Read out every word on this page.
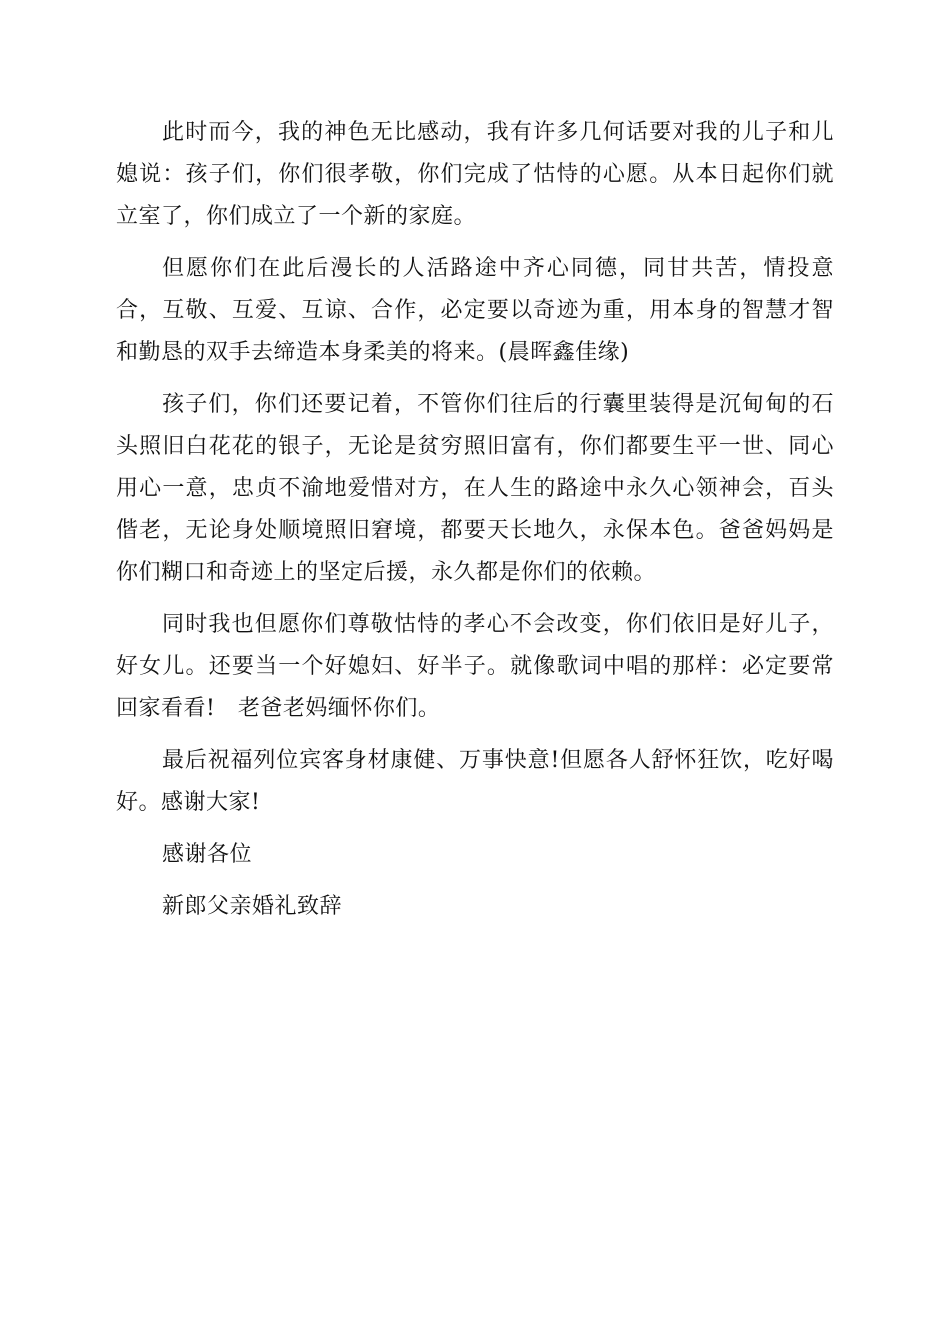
此时而今，我的神色无比感动，我有许多几何话要对我的儿子和儿媳说：孩子们，你们很孝敬，你们完成了怙恃的心愿。从本日起你们就立室了，你们成立了一个新的家庭。

但愿你们在此后漫长的人活路途中齐心同德，同甘共苦，情投意合，互敬、互爱、互谅、合作，必定要以奇迹为重，用本身的智慧才智和勤恳的双手去缔造本身柔美的将来。(晨晖鑫佳缘)

孩子们，你们还要记着，不管你们往后的行囊里装得是沉甸甸的石头照旧白花花的银子，无论是贫穷照旧富有，你们都要生平一世、同心用心一意，忠贞不渝地爱惜对方，在人生的路途中永久心领神会，百头偕老，无论身处顺境照旧窘境，都要天长地久，永保本色。爸爸妈妈是你们糊口和奇迹上的坚定后援，永久都是你们的依赖。

同时我也但愿你们尊敬怙恃的孝心不会改变，你们依旧是好儿子，好女儿。还要当一个好媳妇、好半子。就像歌词中唱的那样：必定要常回家看看!　老爸老妈缅怀你们。

最后祝福列位宾客身材康健、万事快意!但愿各人舒怀狂饮，吃好喝好。感谢大家!

感谢各位

新郎父亲婚礼致辞
